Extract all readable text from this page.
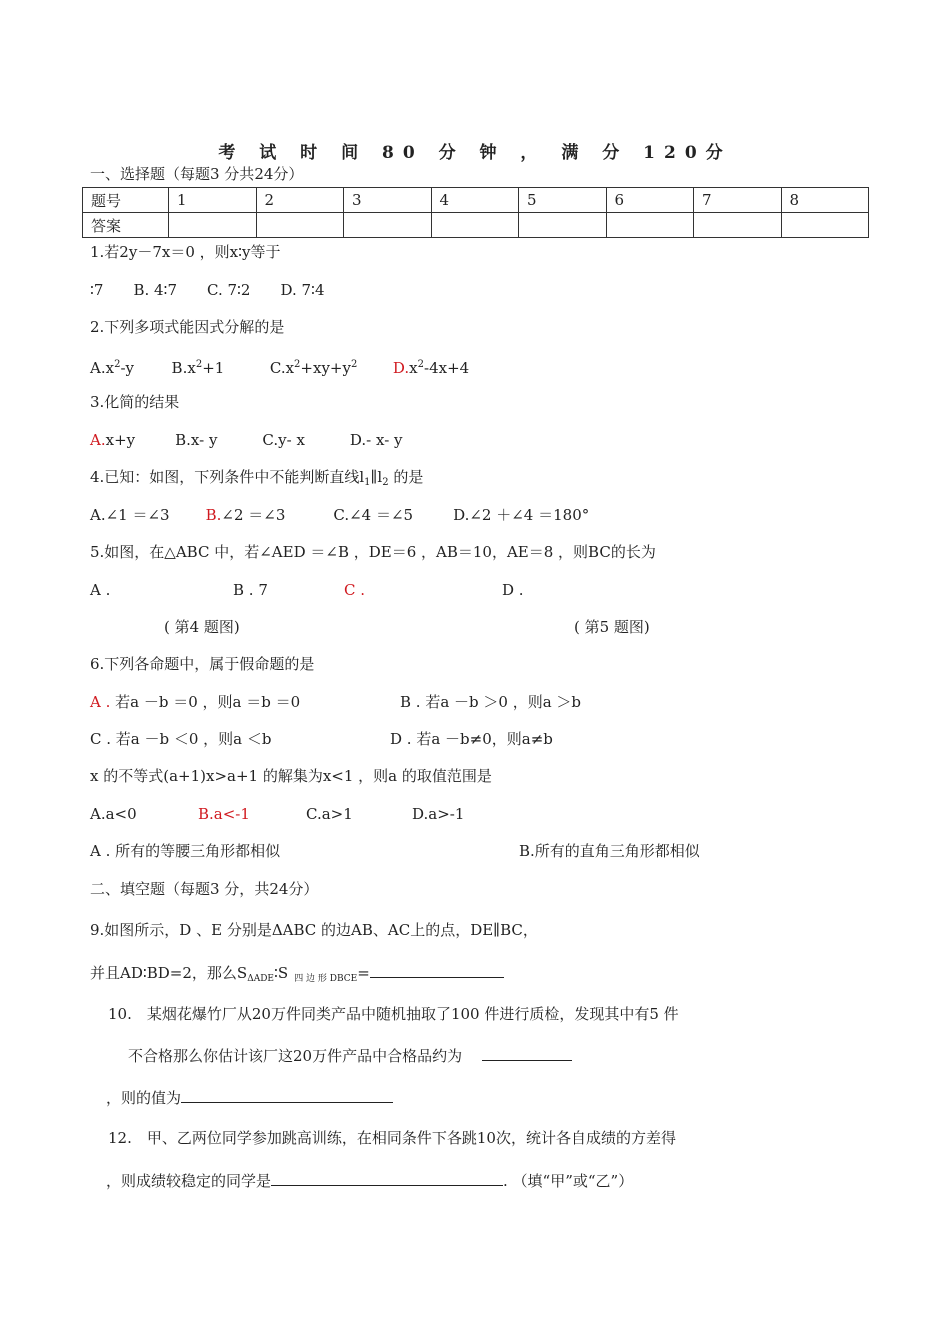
考 试 时 间 80 分 钟 ， 满 分 120分
一、选择题（每题3 分共24分）
题号	1	2	3	4	5	6	7	8
答案								
1.若2y－7x＝0 ，则x∶y等于
∶7　　B. 4∶7　　C. 7∶2　　D. 7∶4
2.下列多项式能因式分解的是
$A.x^2-y$	$B.x^2+1$	$C.x^2+xy+y^2$ $D.x^2-4x+4$
3.化简的结果
A.x+y	B.x- y　　　C.y- x　　　D.- x- y
4.已知：如图，下列条件中不能判断直线$l_1\parallel l_2$ 的是
A.∠1 ＝∠3 B.∠2 ＝∠3	C.∠4 ＝∠5	D.∠2 ＋∠4 ＝180°
5.如图，在△ABC 中，若∠AED ＝∠B ，DE＝6 ，AB＝10，AE＝8 ，则BC的长为
A .	B . 7	C .	D .
( 第4 题图)	( 第5 题图)
6.下列各命题中，属于假命题的是
A . 若a －b ＝0 ，则a ＝b ＝0	B . 若a －b ＞0 ，则a ＞b
C . 若a －b ＜0 ，则a ＜b	D . 若a －b≠0，则a≠b
x 的不等式(a+1)x>a+1 的解集为x<1 ，则a 的取值范围是
A.a<0	B.a<-1	C.a>1	D.a>-1
A . 所有的等腰三角形都相似	B.所有的直角三角形都相似
二、填空题（每题3 分，共24分）
9.如图所示，D 、E 分别是ΔABC 的边AB、AC上的点，DE∥BC，
并且AD∶BD=2，那么$S_{\Delta ADE}∶S$ $_{四 边 形 DBCE}$=
10.　某烟花爆竹厂从20万件同类产品中随机抽取了100 件进行质检，发现其中有5 件
不合格那么你估计该厂这20万件产品中合格品约为
，则的值为
12.　甲、乙两位同学参加跳高训练，在相同条件下各跳10次，统计各自成绩的方差得
，则成绩较稳定的同学是	. （填“甲”或“乙”）
